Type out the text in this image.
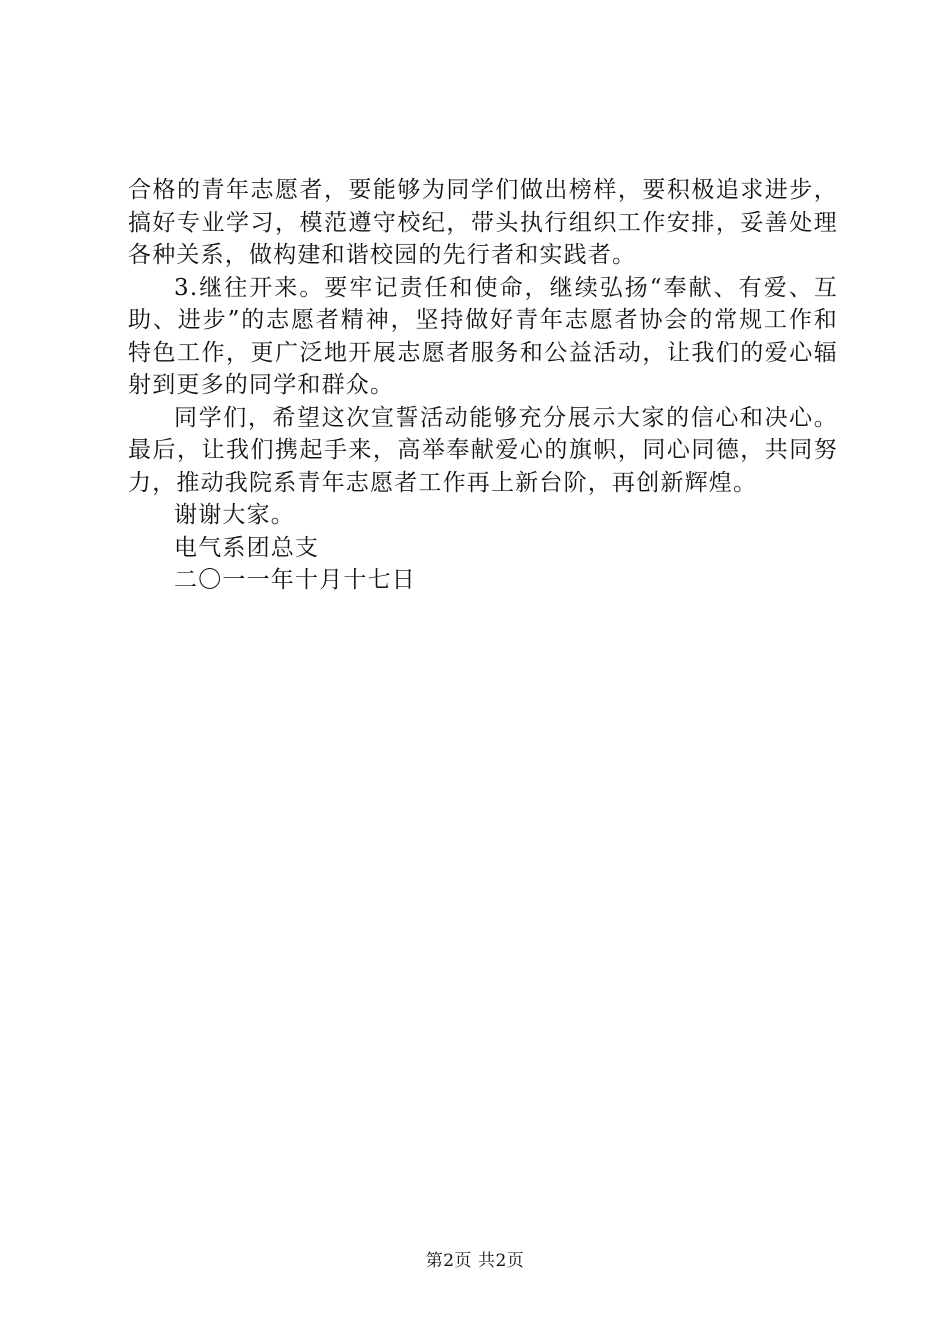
合格的青年志愿者，要能够为同学们做出榜样，要积极追求进步，搞好专业学习，模范遵守校纪，带头执行组织工作安排，妥善处理各种关系，做构建和谐校园的先行者和实践者。

3.继往开来。要牢记责任和使命，继续弘扬“奉献、有爱、互助、进步”的志愿者精神，坚持做好青年志愿者协会的常规工作和特色工作，更广泛地开展志愿者服务和公益活动，让我们的爱心辐射到更多的同学和群众。

同学们，希望这次宣誓活动能够充分展示大家的信心和决心。最后，让我们携起手来，高举奉献爱心的旗帜，同心同德，共同努力，推动我院系青年志愿者工作再上新台阶，再创新辉煌。

谢谢大家。

电气系团总支

二〇一一年十月十七日

第2页 共2页
